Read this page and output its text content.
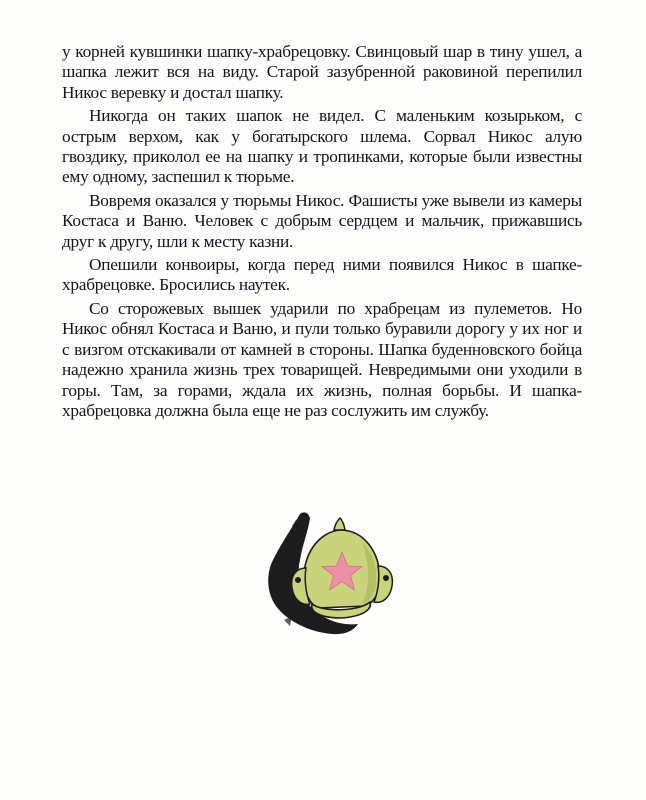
у корней кувшинки шапку-храбрецовку. Свинцовый шар в тину ушел, а шапка лежит вся на виду. Старой зазубренной раковиной перепилил Никос веревку и достал шапку.

Никогда он таких шапок не видел. С маленьким козырьком, с острым верхом, как у богатырского шлема. Сорвал Никос алую гвоздику, приколол ее на шапку и тропинками, которые были известны ему одному, заспешил к тюрьме.

Вовремя оказался у тюрьмы Никос. Фашисты уже вывели из камеры Костаса и Ваню. Человек с добрым сердцем и мальчик, прижавшись друг к другу, шли к месту казни.

Опешили конвоиры, когда перед ними появился Никос в шапке-храбрецовке. Бросились наутек.

Со сторожевых вышек ударили по храбрецам из пулеметов. Но Никос обнял Костаса и Ваню, и пули только буравили дорогу у их ног и с визгом отскакивали от камней в стороны. Шапка буденновского бойца надежно хранила жизнь трех товарищей. Невредимыми они уходили в горы. Там, за горами, ждала их жизнь, полная борьбы. И шапка-храбрецовка должна была еще не раз сослужить им службу.
